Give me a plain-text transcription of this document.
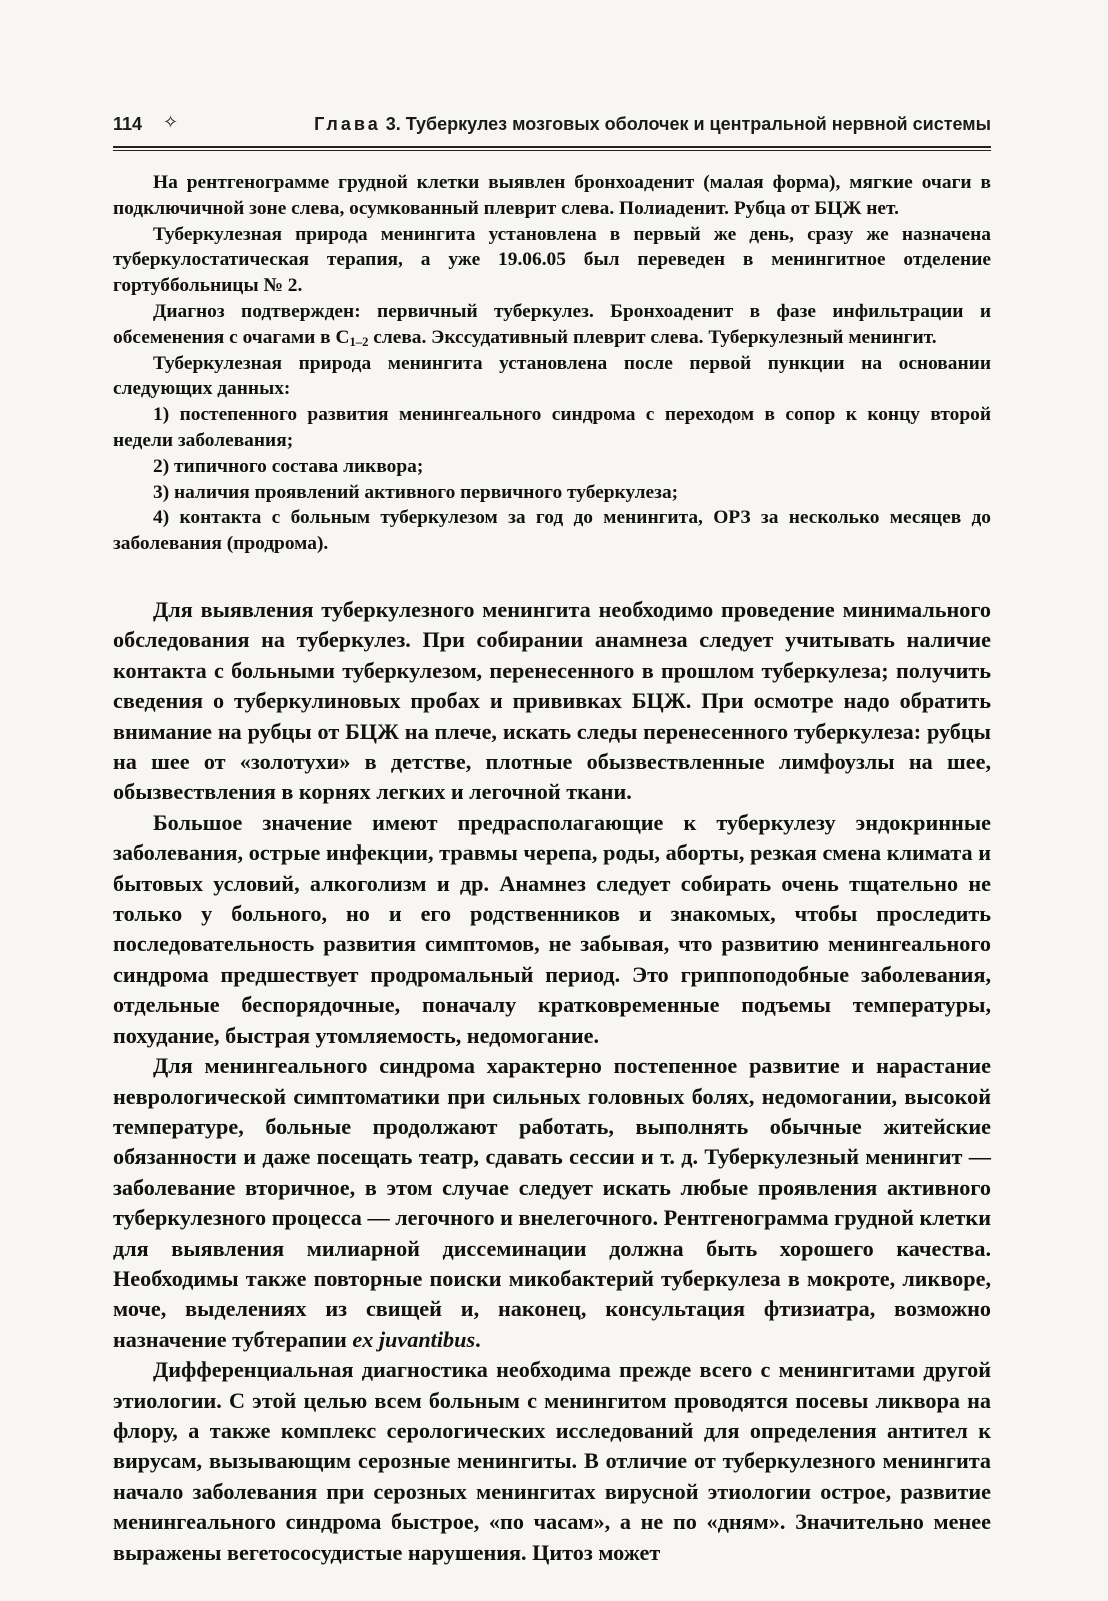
114 ✧	Глава 3. Туберкулез мозговых оболочек и центральной нервной системы

На рентгенограмме грудной клетки выявлен бронхоаденит (малая форма), мягкие очаги в подключичной зоне слева, осумкованный плеврит слева. Полиаденит. Рубца от БЦЖ нет.

Туберкулезная природа менингита установлена в первый же день, сразу же назначена туберкулостатическая терапия, а уже 19.06.05 был переведен в менингитное отделение гортуббольницы № 2.

Диагноз подтвержден: первичный туберкулез. Бронхоаденит в фазе инфильтрации и обсеменения с очагами в $С_{1-2}$ слева. Экссудативный плеврит слева. Туберкулезный менингит.

Туберкулезная природа менингита установлена после первой пункции на основании следующих данных:

1) постепенного развития менингеального синдрома с переходом в сопор к концу второй недели заболевания;

2) типичного состава ликвора;

3) наличия проявлений активного первичного туберкулеза;

4) контакта с больным туберкулезом за год до менингита, ОРЗ за несколько месяцев до заболевания (продрома).

Для выявления туберкулезного менингита необходимо проведение минимального обследования на туберкулез. При собирании анамнеза следует учитывать наличие контакта с больными туберкулезом, перенесенного в прошлом туберкулеза; получить сведения о туберкулиновых пробах и прививках БЦЖ. При осмотре надо обратить внимание на рубцы от БЦЖ на плече, искать следы перенесенного туберкулеза: рубцы на шее от «золотухи» в детстве, плотные обызвествленные лимфоузлы на шее, обызвествления в корнях легких и легочной ткани.

Большое значение имеют предрасполагающие к туберкулезу эндокринные заболевания, острые инфекции, травмы черепа, роды, аборты, резкая смена климата и бытовых условий, алкоголизм и др. Анамнез следует собирать очень тщательно не только у больного, но и его родственников и знакомых, чтобы проследить последовательность развития симптомов, не забывая, что развитию менингеального синдрома предшествует продромальный период. Это гриппоподобные заболевания, отдельные беспорядочные, поначалу кратковременные подъемы температуры, похудание, быстрая утомляемость, недомогание.

Для менингеального синдрома характерно постепенное развитие и нарастание неврологической симптоматики при сильных головных болях, недомогании, высокой температуре, больные продолжают работать, выполнять обычные житейские обязанности и даже посещать театр, сдавать сессии и т. д. Туберкулезный менингит — заболевание вторичное, в этом случае следует искать любые проявления активного туберкулезного процесса — легочного и внелегочного. Рентгенограмма грудной клетки для выявления милиарной диссеминации должна быть хорошего качества. Необходимы также повторные поиски микобактерий туберкулеза в мокроте, ликворе, моче, выделениях из свищей и, наконец, консультация фтизиатра, возможно назначение тубтерапии ex juvantibus.

Дифференциальная диагностика необходима прежде всего с менингитами другой этиологии. С этой целью всем больным с менингитом проводятся посевы ликвора на флору, а также комплекс серологических исследований для определения антител к вирусам, вызывающим серозные менингиты. В отличие от туберкулезного менингита начало заболевания при серозных менингитах вирусной этиологии острое, развитие менингеального синдрома быстрое, «по часам», а не по «дням». Значительно менее выражены вегетососудистые нарушения. Цитоз может
